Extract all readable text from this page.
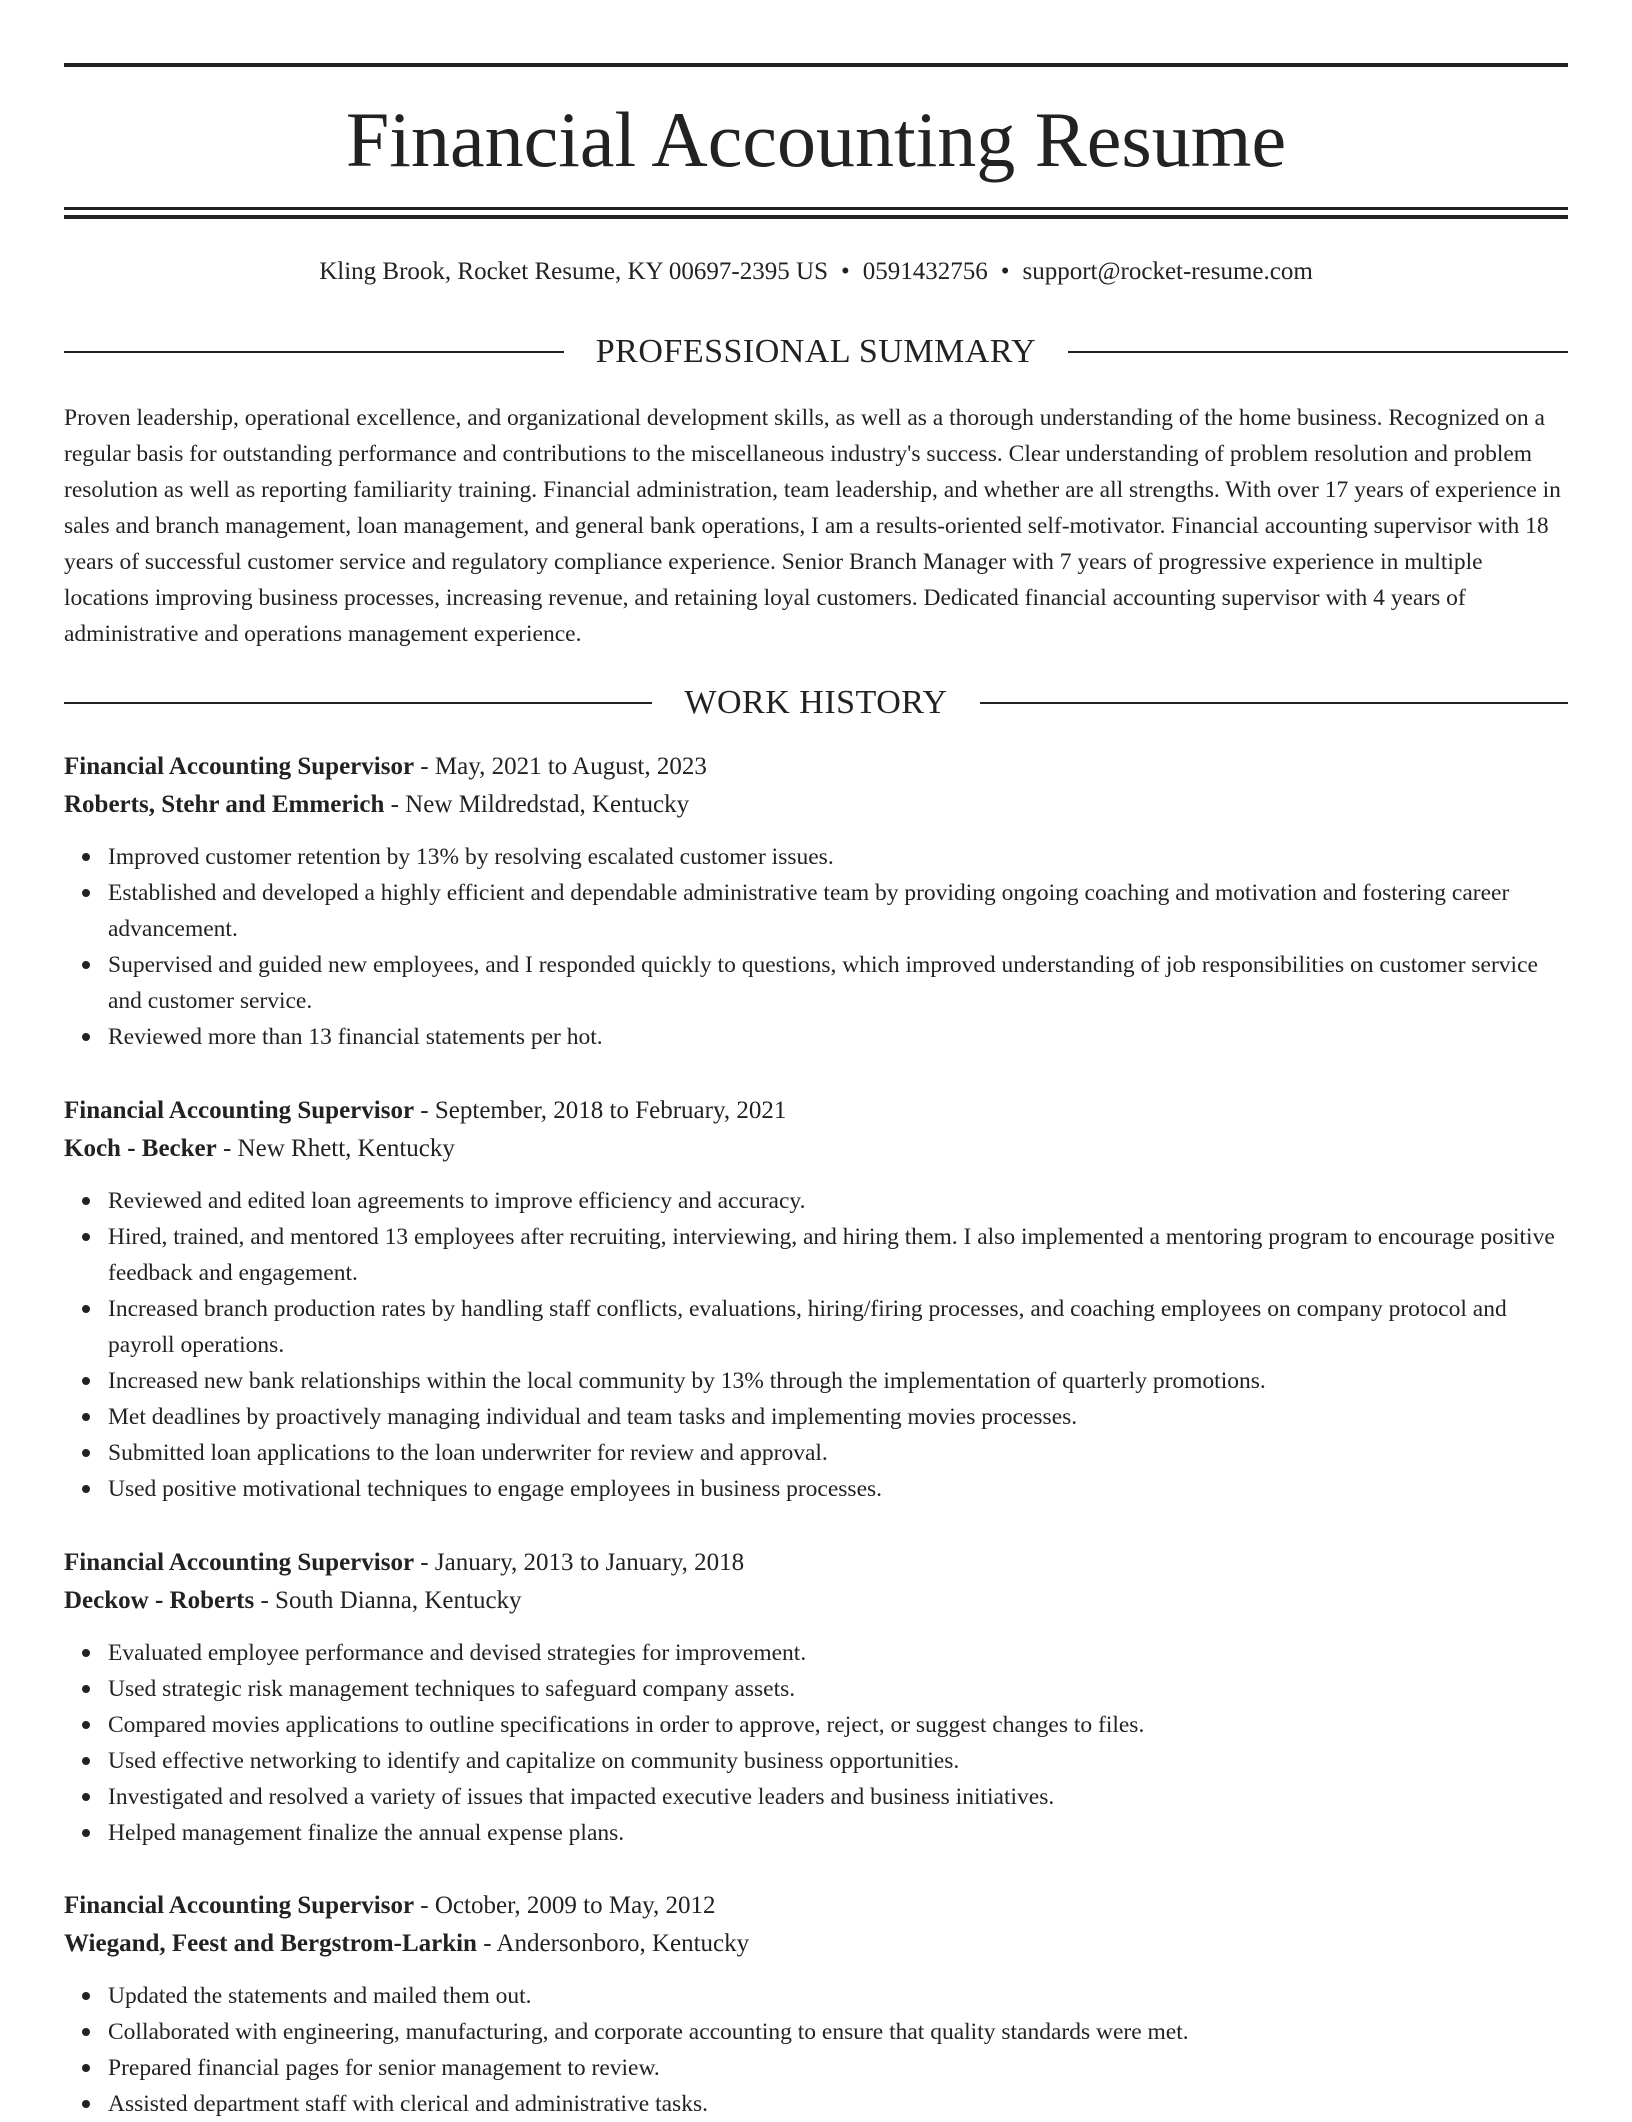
Financial Accounting Resume
Kling Brook, Rocket Resume, KY 00697-2395 US • 0591432756 • support@rocket-resume.com
PROFESSIONAL SUMMARY

Proven leadership, operational excellence, and organizational development skills, as well as a thorough understanding of the home business. Recognized on a regular basis for outstanding performance and contributions to the miscellaneous industry's success. Clear understanding of problem resolution and problem resolution as well as reporting familiarity training. Financial administration, team leadership, and whether are all strengths. With over 17 years of experience in sales and branch management, loan management, and general bank operations, I am a results-oriented self-motivator. Financial accounting supervisor with 18 years of successful customer service and regulatory compliance experience. Senior Branch Manager with 7 years of progressive experience in multiple locations improving business processes, increasing revenue, and retaining loyal customers. Dedicated financial accounting supervisor with 4 years of administrative and operations management experience.

WORK HISTORY
Financial Accounting Supervisor - May, 2021 to August, 2023
Roberts, Stehr and Emmerich - New Mildredstad, Kentucky
Improved customer retention by 13% by resolving escalated customer issues.
Established and developed a highly efficient and dependable administrative team by providing ongoing coaching and motivation and fostering career advancement.
Supervised and guided new employees, and I responded quickly to questions, which improved understanding of job responsibilities on customer service and customer service.
Reviewed more than 13 financial statements per hot.
Financial Accounting Supervisor - September, 2018 to February, 2021
Koch - Becker - New Rhett, Kentucky
Reviewed and edited loan agreements to improve efficiency and accuracy.
Hired, trained, and mentored 13 employees after recruiting, interviewing, and hiring them. I also implemented a mentoring program to encourage positive feedback and engagement.
Increased branch production rates by handling staff conflicts, evaluations, hiring/firing processes, and coaching employees on company protocol and payroll operations.
Increased new bank relationships within the local community by 13% through the implementation of quarterly promotions.
Met deadlines by proactively managing individual and team tasks and implementing movies processes.
Submitted loan applications to the loan underwriter for review and approval.
Used positive motivational techniques to engage employees in business processes.
Financial Accounting Supervisor - January, 2013 to January, 2018
Deckow - Roberts - South Dianna, Kentucky
Evaluated employee performance and devised strategies for improvement.
Used strategic risk management techniques to safeguard company assets.
Compared movies applications to outline specifications in order to approve, reject, or suggest changes to files.
Used effective networking to identify and capitalize on community business opportunities.
Investigated and resolved a variety of issues that impacted executive leaders and business initiatives.
Helped management finalize the annual expense plans.
Financial Accounting Supervisor - October, 2009 to May, 2012
Wiegand, Feest and Bergstrom-Larkin - Andersonboro, Kentucky
Updated the statements and mailed them out.
Collaborated with engineering, manufacturing, and corporate accounting to ensure that quality standards were met.
Prepared financial pages for senior management to review.
Assisted department staff with clerical and administrative tasks.
